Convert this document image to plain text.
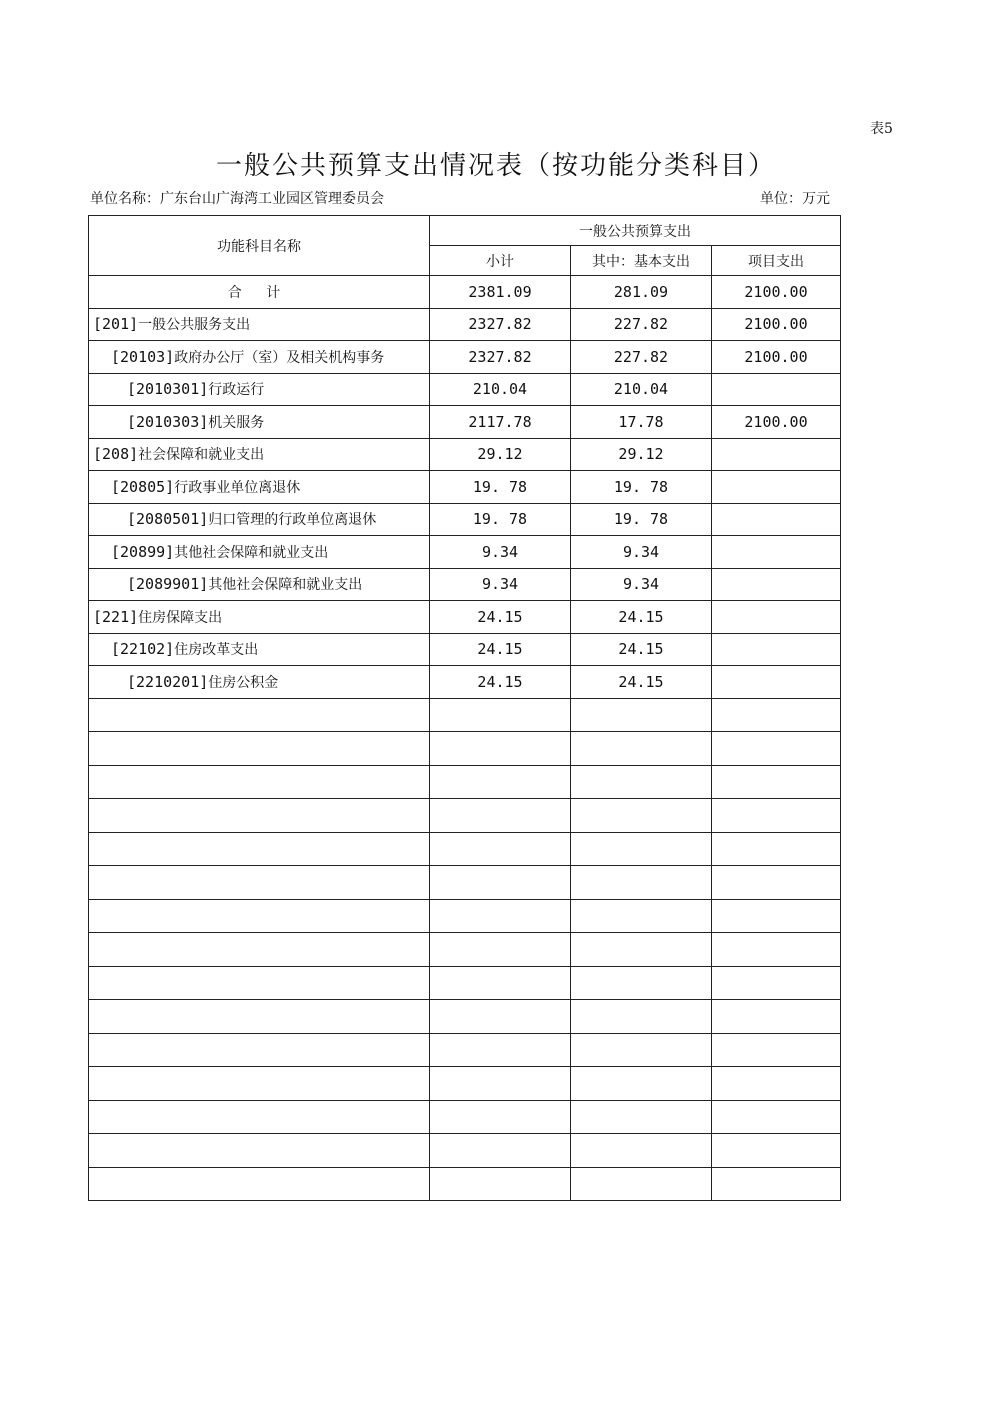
表5
一般公共预算支出情况表（按功能分类科目）
单位名称：广东台山广海湾工业园区管理委员会	单位：万元
功能科目名称	一般公共预算支出		
	小计	其中：基本支出	项目支出
合 计	2381.09	281.09	2100.00
[201]一般公共服务支出	2327.82	227.82	2100.00
[20103]政府办公厅（室）及相关机构事务	2327.82	227.82	2100.00
[2010301]行政运行	210.04	210.04	
[2010303]机关服务	2117.78	17.78	2100.00
[208]社会保障和就业支出	29.12	29.12	
[20805]行政事业单位离退休	19. 78	19. 78	
[2080501]归口管理的行政单位离退休	19. 78	19. 78	
[20899]其他社会保障和就业支出	9.34	9.34	
[2089901]其他社会保障和就业支出	9.34	9.34	
[221]住房保障支出	24.15	24.15	
[22102]住房改革支出	24.15	24.15	
[2210201]住房公积金	24.15	24.15	
